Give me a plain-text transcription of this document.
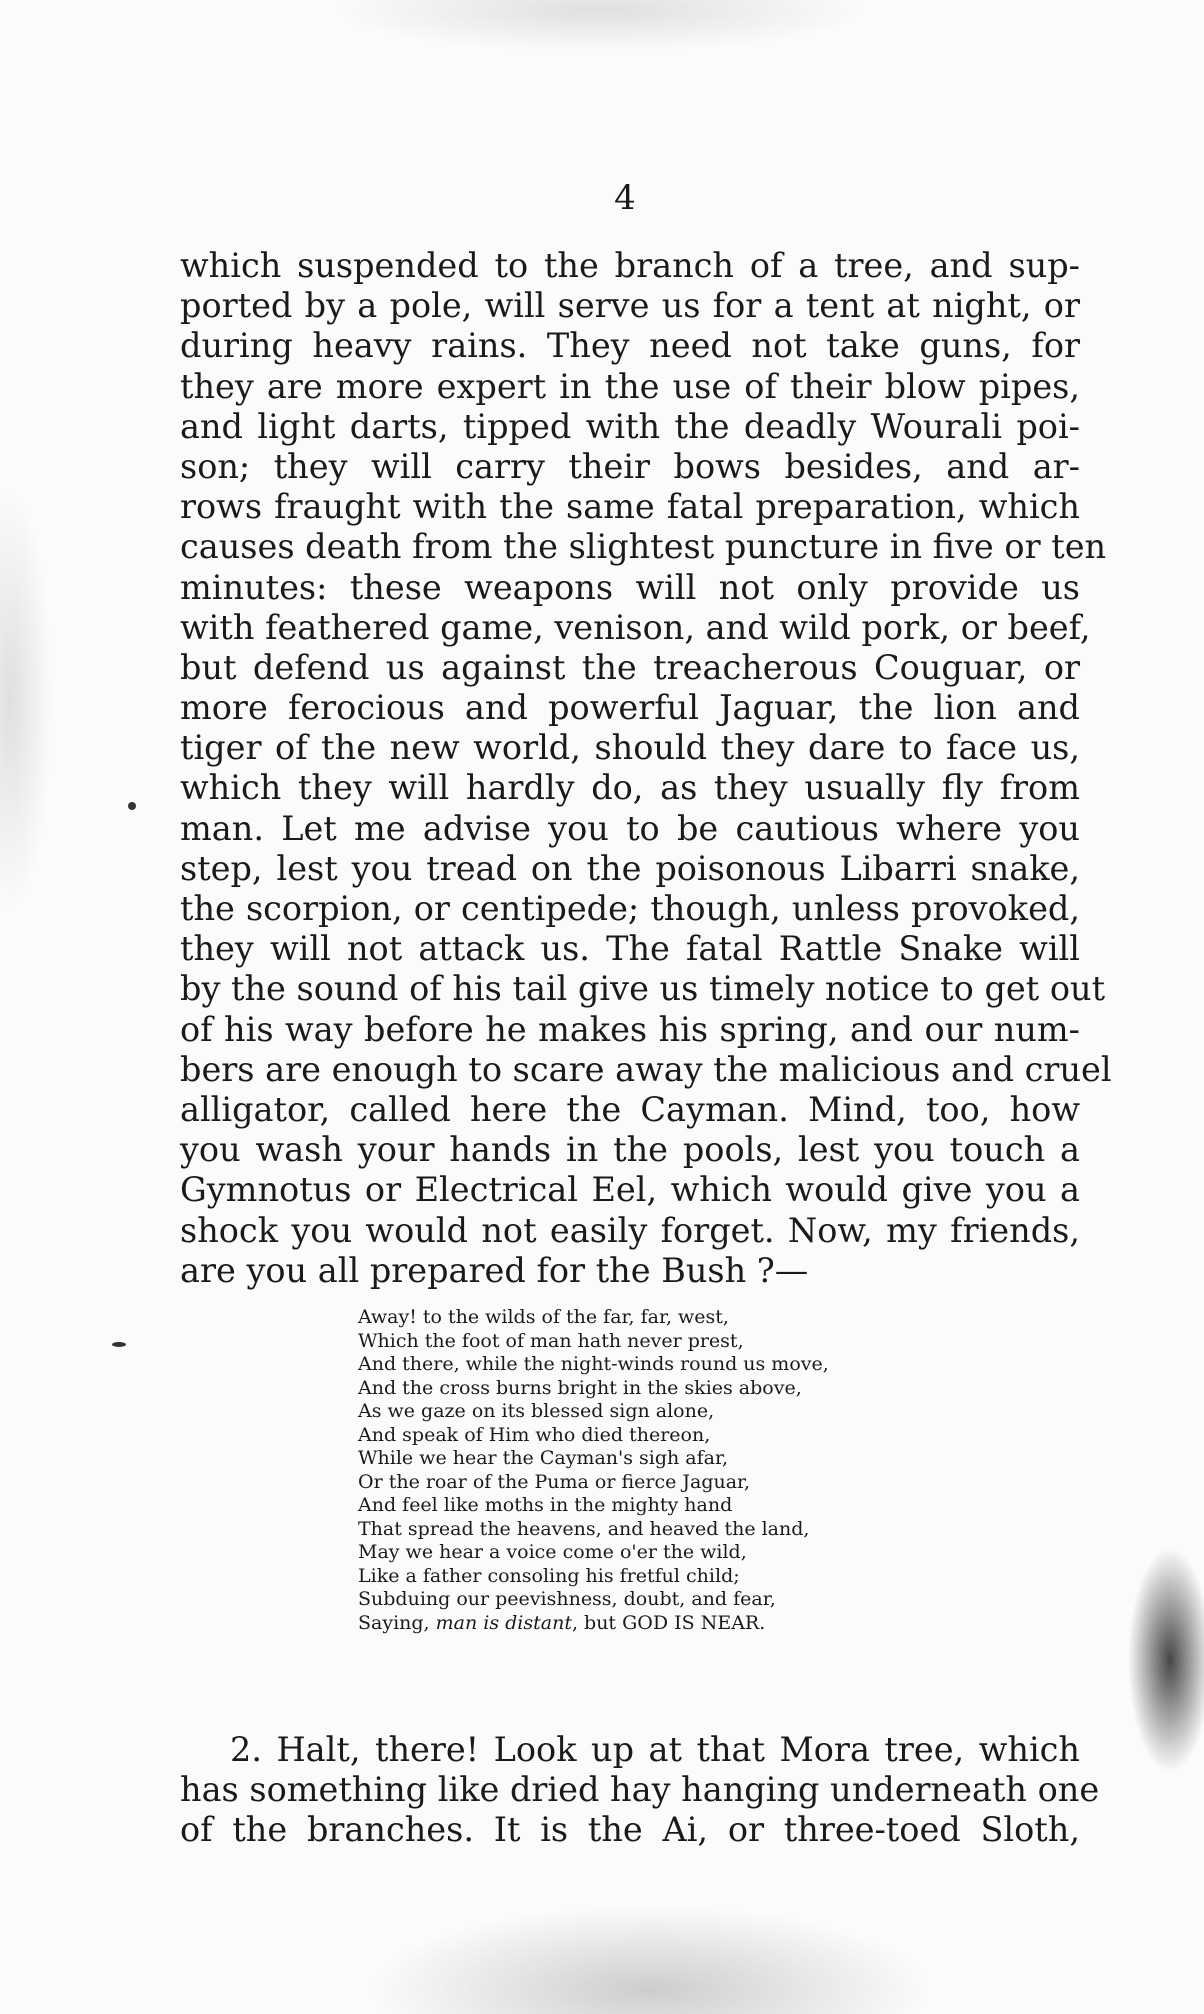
4
which suspended to the branch of a tree, and sup-
ported by a pole, will serve us for a tent at night, or
during heavy rains. They need not take guns, for
they are more expert in the use of their blow pipes,
and light darts, tipped with the deadly Wourali poi-
son; they will carry their bows besides, and ar-
rows fraught with the same fatal preparation, which
causes death from the slightest puncture in five or ten
minutes: these weapons will not only provide us
with feathered game, venison, and wild pork, or beef,
but defend us against the treacherous Couguar, or
more ferocious and powerful Jaguar, the lion and
tiger of the new world, should they dare to face us,
which they will hardly do, as they usually fly from
man. Let me advise you to be cautious where you
step, lest you tread on the poisonous Libarri snake,
the scorpion, or centipede; though, unless provoked,
they will not attack us. The fatal Rattle Snake will
by the sound of his tail give us timely notice to get out
of his way before he makes his spring, and our num-
bers are enough to scare away the malicious and cruel
alligator, called here the Cayman. Mind, too, how
you wash your hands in the pools, lest you touch a
Gymnotus or Electrical Eel, which would give you a
shock you would not easily forget. Now, my friends,
are you all prepared for the Bush ?—
Away! to the wilds of the far, far, west,
Which the foot of man hath never prest,
And there, while the night-winds round us move,
And the cross burns bright in the skies above,
As we gaze on its blessed sign alone,
And speak of Him who died thereon,
While we hear the Cayman's sigh afar,
Or the roar of the Puma or fierce Jaguar,
And feel like moths in the mighty hand
That spread the heavens, and heaved the land,
May we hear a voice come o'er the wild,
Like a father consoling his fretful child;
Subduing our peevishness, doubt, and fear,
Saying, man is distant, but GOD IS NEAR.
2. Halt, there! Look up at that Mora tree, which
has something like dried hay hanging underneath one
of the branches. It is the Ai, or three-toed Sloth,
